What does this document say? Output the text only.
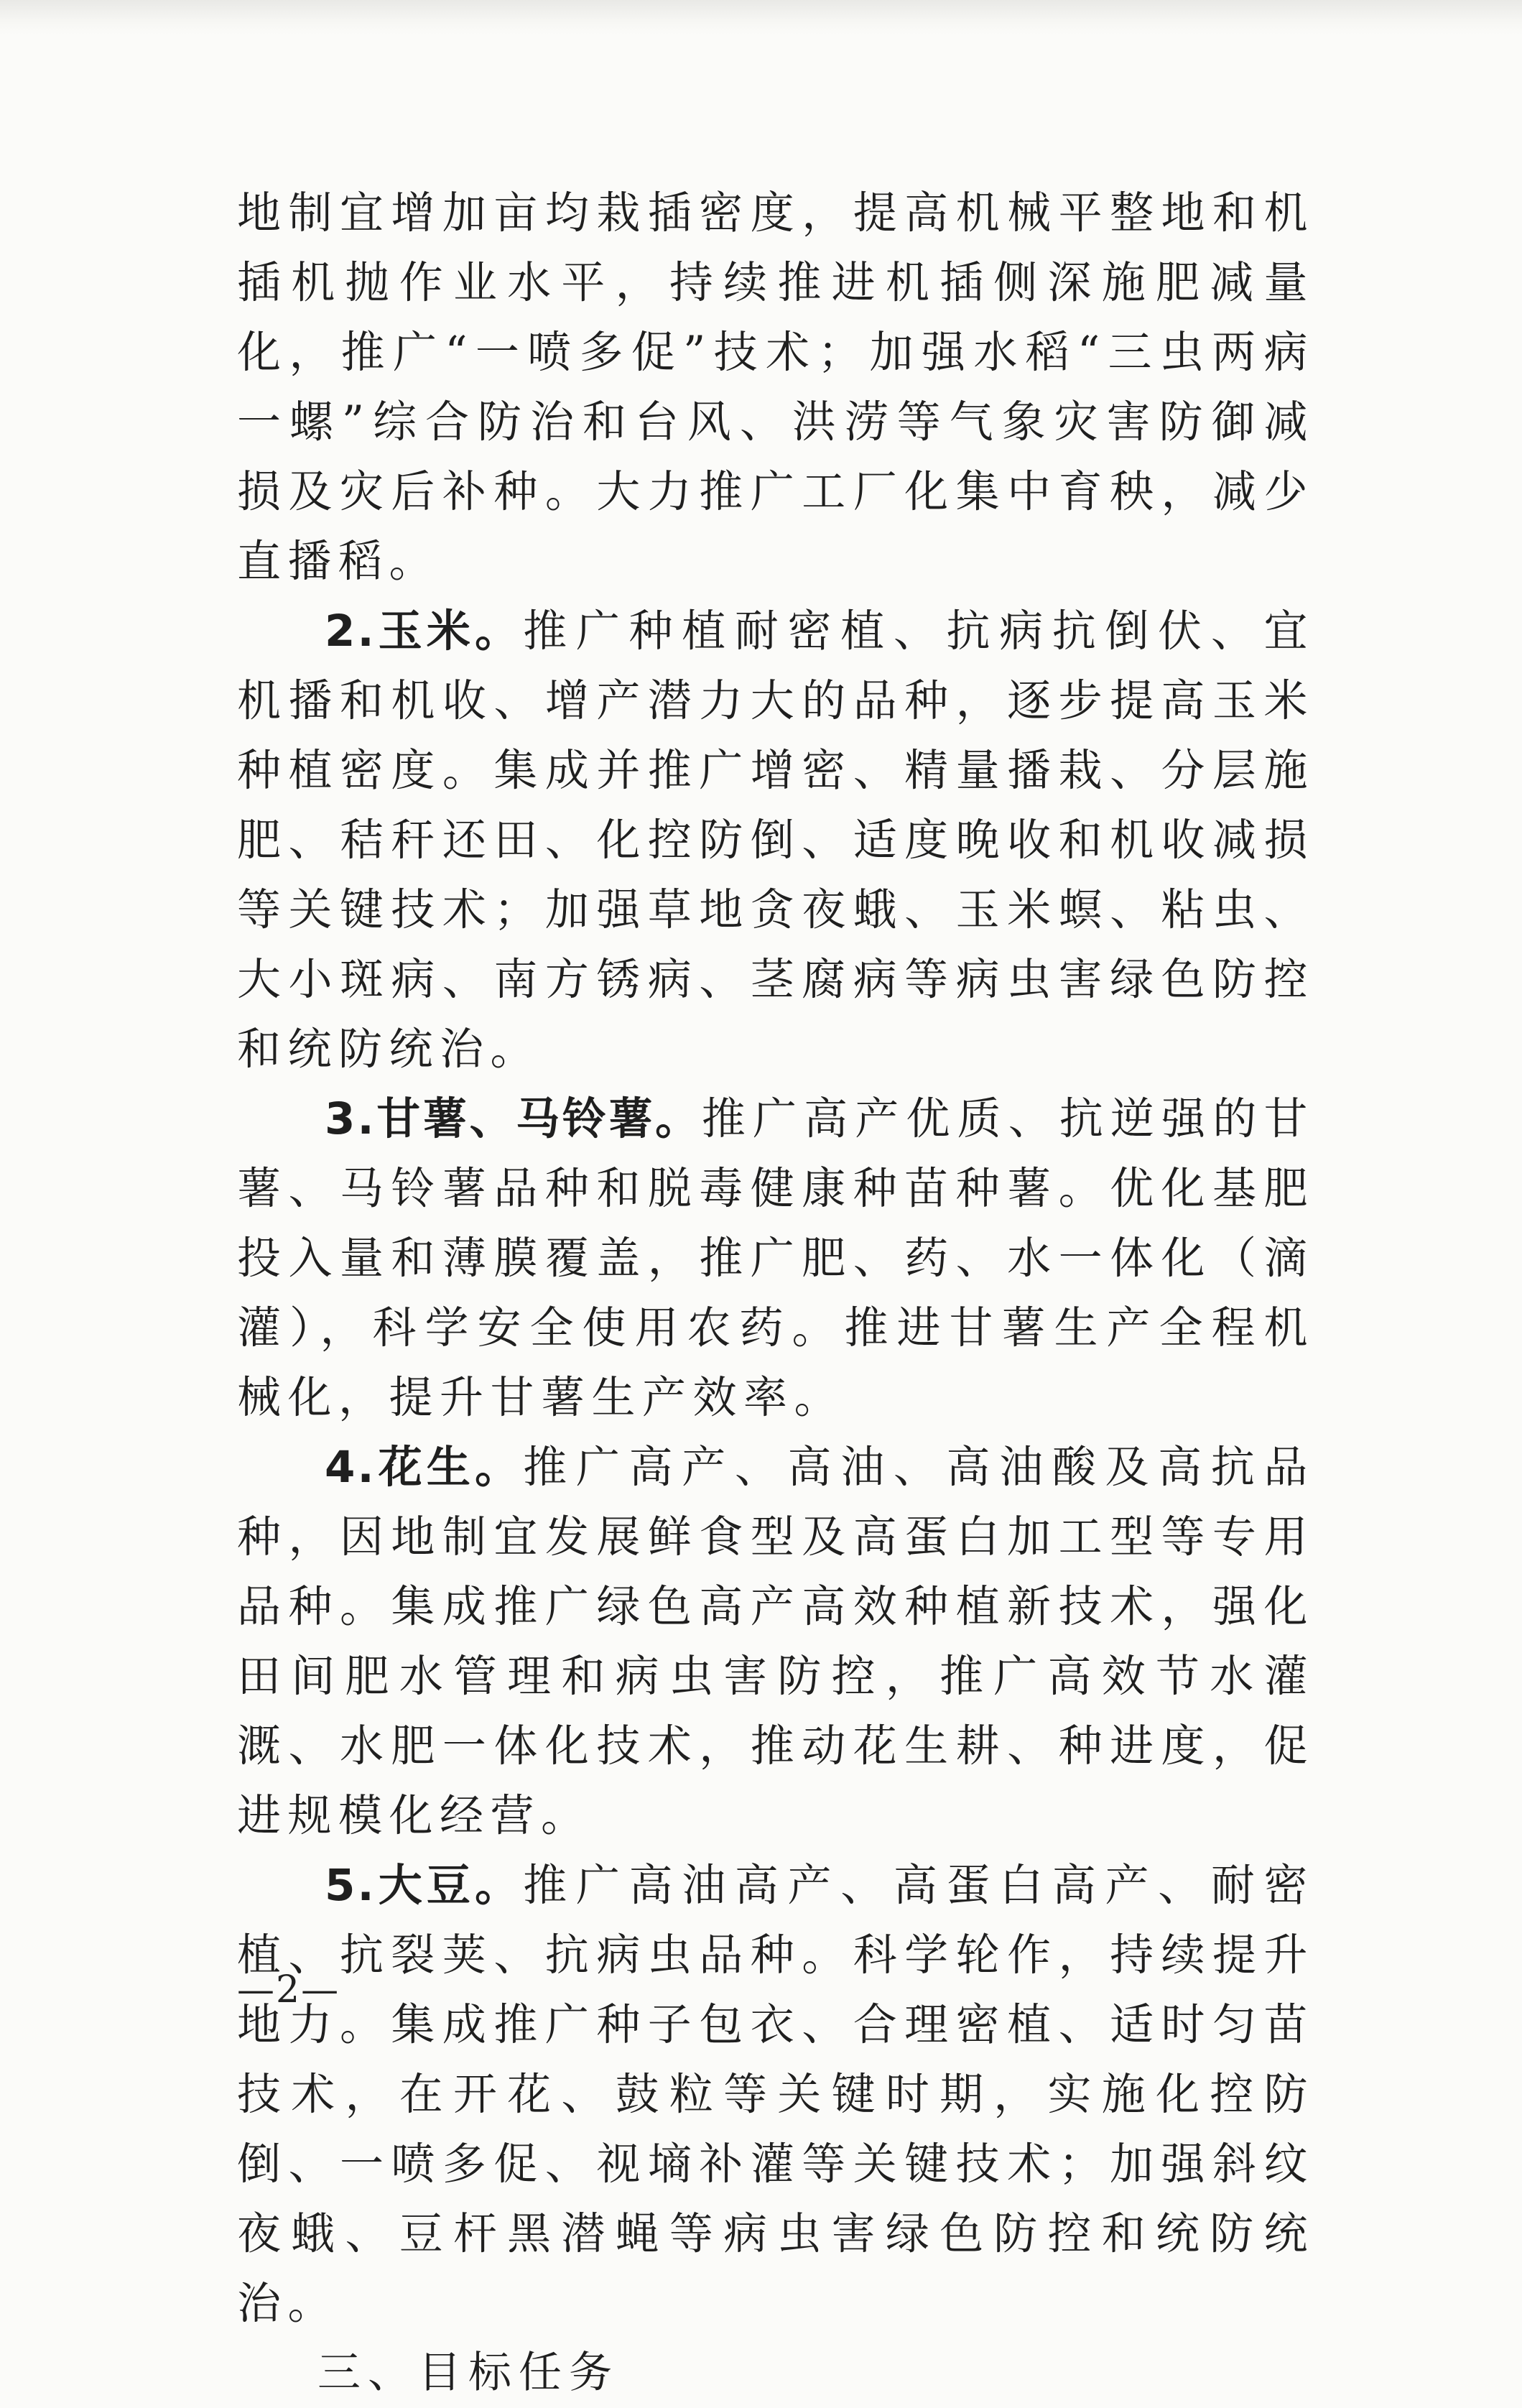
地制宜增加亩均栽插密度，提高机械平整地和机插机抛作业水平，持续推进机插侧深施肥减量化，推广“一喷多促”技术；加强水稻“三虫两病一螺”综合防治和台风、洪涝等气象灾害防御减损及灾后补种。大力推广工厂化集中育秧，减少直播稻。

2.玉米。推广种植耐密植、抗病抗倒伏、宜机播和机收、增产潜力大的品种，逐步提高玉米种植密度。集成并推广增密、精量播栽、分层施肥、秸秆还田、化控防倒、适度晚收和机收减损等关键技术；加强草地贪夜蛾、玉米螟、粘虫、大小斑病、南方锈病、茎腐病等病虫害绿色防控和统防统治。

3.甘薯、马铃薯。推广高产优质、抗逆强的甘薯、马铃薯品种和脱毒健康种苗种薯。优化基肥投入量和薄膜覆盖，推广肥、药、水一体化（滴灌），科学安全使用农药。推进甘薯生产全程机械化，提升甘薯生产效率。

4.花生。推广高产、高油、高油酸及高抗品种，因地制宜发展鲜食型及高蛋白加工型等专用品种。集成推广绿色高产高效种植新技术，强化田间肥水管理和病虫害防控，推广高效节水灌溉、水肥一体化技术，推动花生耕、种进度，促进规模化经营。

5.大豆。推广高油高产、高蛋白高产、耐密植、抗裂荚、抗病虫品种。科学轮作，持续提升地力。集成推广种子包衣、合理密植、适时匀苗技术，在开花、鼓粒等关键时期，实施化控防倒、一喷多促、视墒补灌等关键技术；加强斜纹夜蛾、豆杆黑潜蝇等病虫害绿色防控和统防统治。

三、目标任务

—2—
